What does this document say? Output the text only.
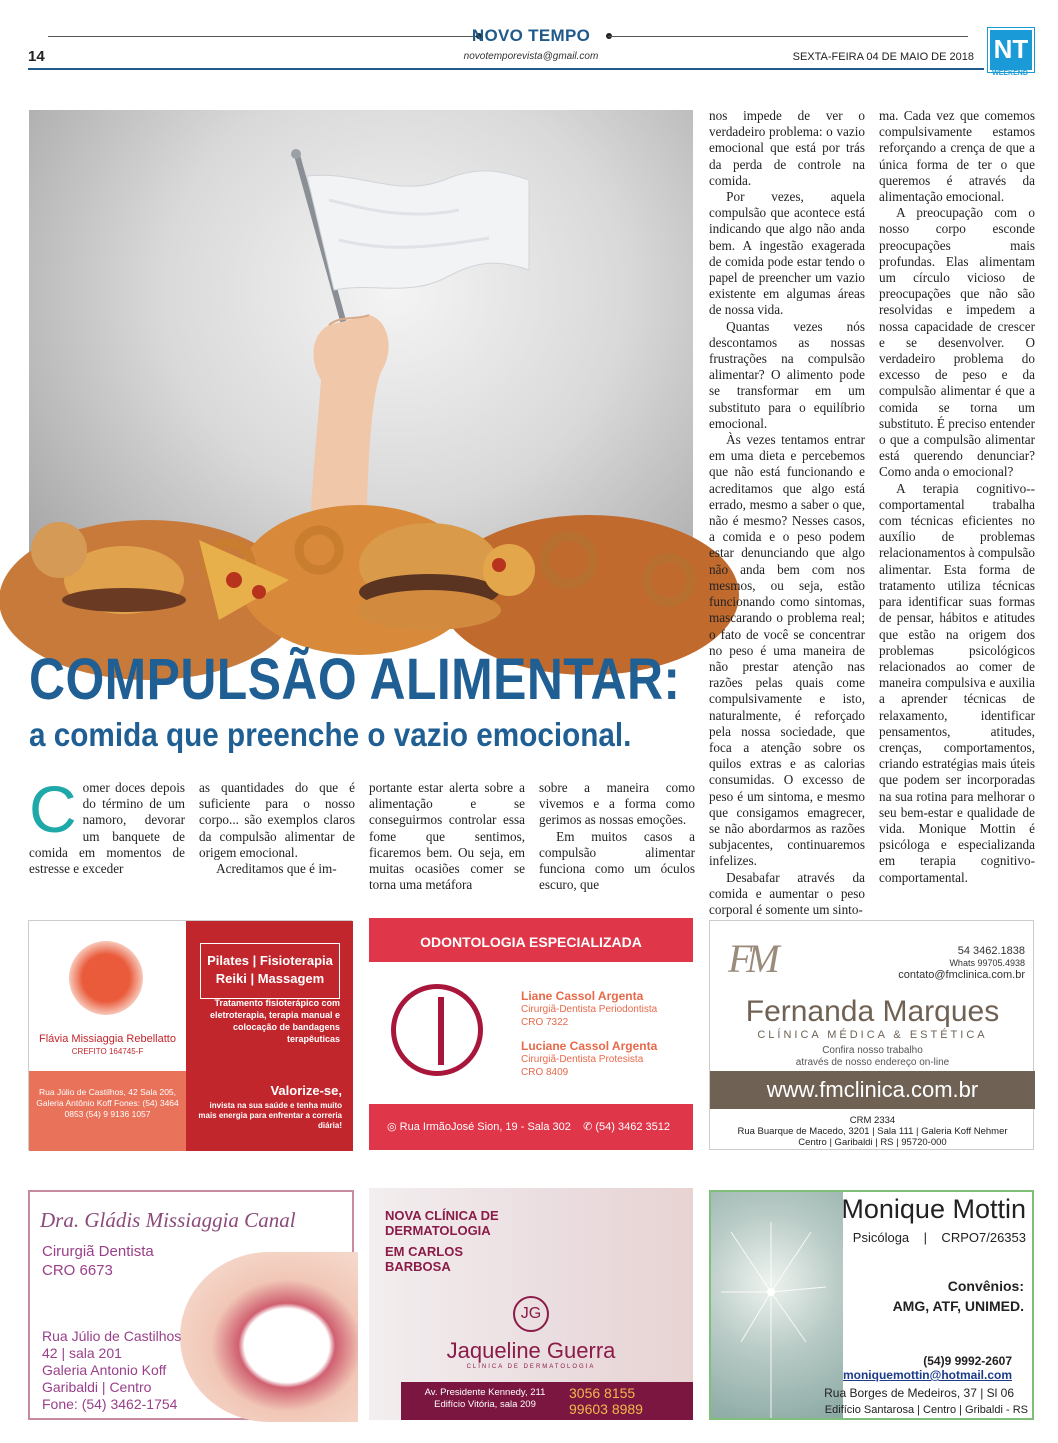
NOVO TEMPO
14	novotemporevista@gmail.com	SEXTA-FEIRA 04 DE MAIO DE 2018 NT
WEEKEND
COMPULSÃO ALIMENTAR:
a comida que preenche o vazio emocional.
C omer doces depois do término de um namoro, devorar um banquete de comida em momentos de estresse e exceder

as quantidades do que é suficiente para o nosso corpo... são exemplos claros da compulsão alimentar de origem emocional.

Acreditamos que é im-

portante estar alerta sobre a alimentação e se conseguirmos controlar essa fome que sentimos, ficaremos bem. Ou seja, em muitas ocasiões comer se torna uma metáfora

sobre a maneira como vivemos e a forma como gerimos as nossas emoções.

Em muitos casos a compulsão alimentar funciona como um óculos escuro, que

nos impede de ver o verdadeiro problema: o vazio emocional que está por trás da perda de controle na comida.

Por vezes, aquela compulsão que acontece está indicando que algo não anda bem. A ingestão exagerada de comida pode estar tendo o papel de preencher um vazio existente em algumas áreas de nossa vida.

Quantas vezes nós descontamos as nossas frustrações na compulsão alimentar? O alimento pode se transformar em um substituto para o equilíbrio emocional.

Às vezes tentamos entrar em uma dieta e percebemos que não está funcionando e acreditamos que algo está errado, mesmo a saber o que, não é mesmo? Nesses casos, a comida e o peso podem estar denunciando que algo não anda bem com nos mesmos, ou seja, estão funcionando como sintomas, mascarando o problema real; o fato de você se concentrar no peso é uma maneira de não prestar atenção nas razões pelas quais come compulsivamente e isto, naturalmente, é reforçado pela nossa sociedade, que foca a atenção sobre os quilos extras e as calorias consumidas. O excesso de peso é um sintoma, e mesmo que consigamos emagrecer, se não abordarmos as razões subjacentes, continuaremos infelizes.

Desabafar através da comida e aumentar o peso corporal é somente um sinto-

ma. Cada vez que comemos compulsivamente estamos reforçando a crença de que a única forma de ter o que queremos é através da alimentação emocional.

A preocupação com o nosso corpo esconde preocupações mais profundas. Elas alimentam um círculo vicioso de preocupações que não são resolvidas e impedem a nossa capacidade de crescer e se desenvolver. O verdadeiro problema do excesso de peso e da compulsão alimentar é que a comida se torna um substituto. É preciso entender o que a compulsão alimentar está querendo denunciar? Como anda o emocional?

A terapia cognitivo--comportamental trabalha com técnicas eficientes no auxílio de problemas relacionamentos à compulsão alimentar. Esta forma de tratamento utiliza técnicas para identificar suas formas de pensar, hábitos e atitudes que estão na origem dos problemas psicológicos relacionados ao comer de maneira compulsiva e auxilia a aprender técnicas de relaxamento, identificar pensamentos, atitudes, crenças, comportamentos, criando estratégias mais úteis que podem ser incorporadas na sua rotina para melhorar o seu bem-estar e qualidade de vida. Monique Mottin é psicóloga e especializanda em terapia cognitivo-comportamental.

Flávia Missiaggia Rebellatto
CREFITO 164745-F
Rua Júlio de Castilhos, 42 Sala 205, Galeria Antônio Koff Fones: (54) 3464 0853 (54) 9 9136 1057
Pilates | Fisioterapia Reiki | Massagem
Tratamento fisioterápico com eletroterapia, terapia manual e colocação de bandagens terapêuticas
Valorize-se,
invista na sua saúde e tenha muito mais energia para enfrentar a correria diária!
ODONTOLOGIA ESPECIALIZADA
Liane Cassol Argenta
Cirurgiã-Dentista Periodontista
CRO 7322
Luciane Cassol Argenta
Cirurgiã-Dentista Protesista
CRO 8409
◎ Rua IrmãoJosé Sion, 19 - Sala 302    ✆ (54) 3462 3512
FM	54 3462.1838
Whats 99705.4938
contato@fmclinica.com.br
Fernanda Marques
CLÍNICA MÉDICA & ESTÉTICA
Confira nosso trabalho
através de nosso endereço on-line
www.fmclinica.com.br
CRM 2334
Rua Buarque de Macedo, 3201 | Sala 111 | Galeria Koff Nehmer
Centro | Garibaldi | RS | 95720-000
Dra. Gládis Missiaggia Canal
Cirurgiã Dentista
CRO 6673
Rua Júlio de Castilhos
42 | sala 201
Galeria Antonio Koff
Garibaldi | Centro
Fone: (54) 3462-1754
NOVA CLÍNICA DE DERMATOLOGIA
EM CARLOS BARBOSA
JG
Jaqueline Guerra
CLÍNICA DE DERMATOLOGIA
Av. Presidente Kennedy, 211 Edifício Vitória, sala 209
3056 8155
99603 8989
Monique Mottin
Psicóloga    |    CRPO7/26353
Convênios:
AMG, ATF, UNIMED.
(54)9 9992-2607
moniquemottin@hotmail.com
Rua Borges de Medeiros, 37 | Sl 06
Edifício Santarosa | Centro | Gribaldi - RS
